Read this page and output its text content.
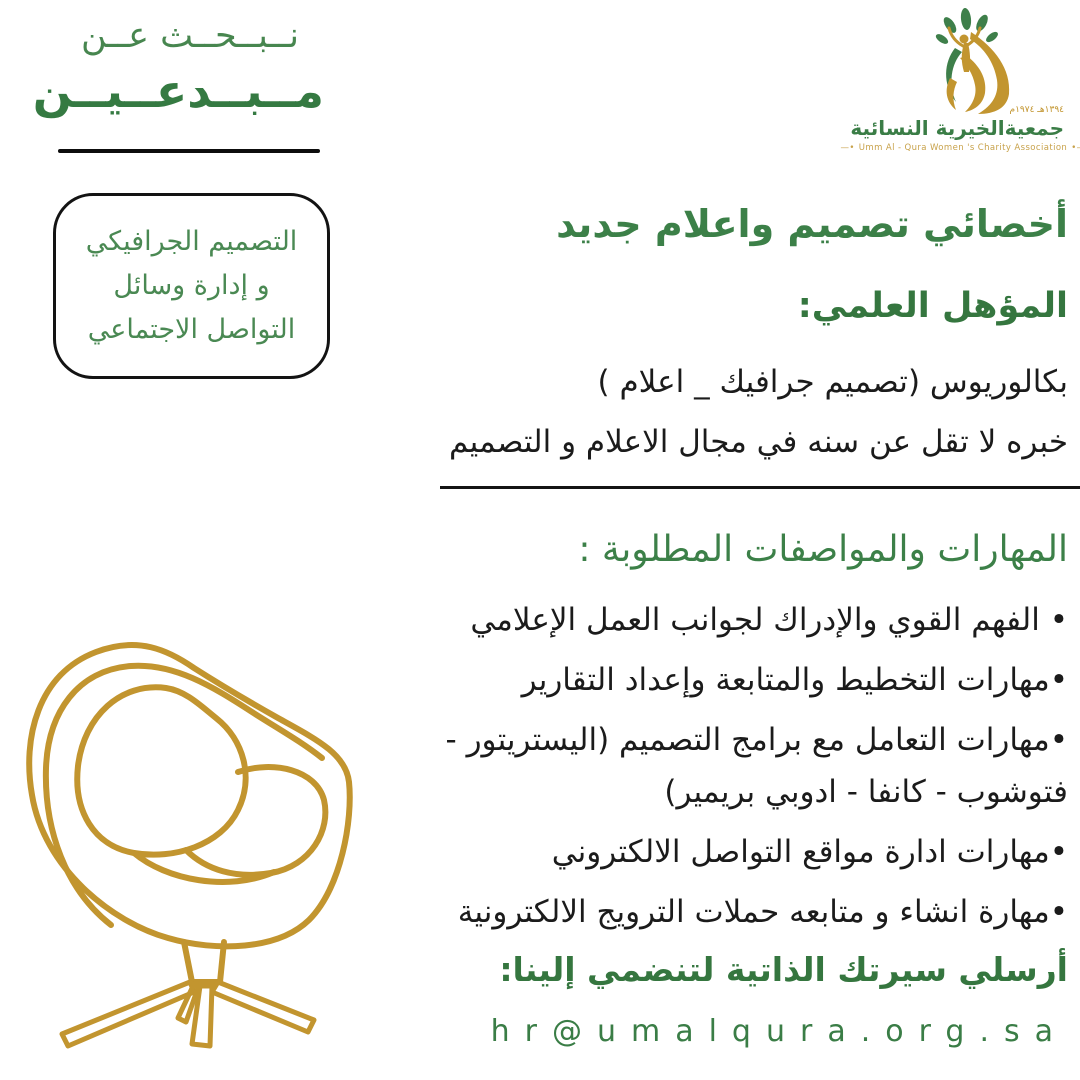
نــبــحــث عــن
مــبــدعــيــن
التصميم الجرافيكي
و إدارة وسائل
التواصل الاجتماعي
١٣٩٤هـ ١٩٧٤م
جمعية
الخيرية النسائية
—• Umm Al - Qura Women 's Charity Association •—
أخصائي تصميم واعلام جديد
المؤهل العلمي:
بكالوريوس (تصميم جرافيك _ اعلام )
خبره لا تقل عن سنه في مجال الاعلام و التصميم
المهارات والمواصفات المطلوبة :
• الفهم القوي والإدراك لجوانب العمل الإعلامي
•مهارات التخطيط والمتابعة وإعداد التقارير
•مهارات التعامل مع برامج التصميم (اليستريتور - فتوشوب - كانفا - ادوبي بريمير)
•مهارات ادارة مواقع التواصل الالكتروني
•مهارة انشاء و متابعه حملات الترويج الالكترونية
أرسلي سيرتك الذاتية لتنضمي إلينا:
hr@umalqura.org.sa
